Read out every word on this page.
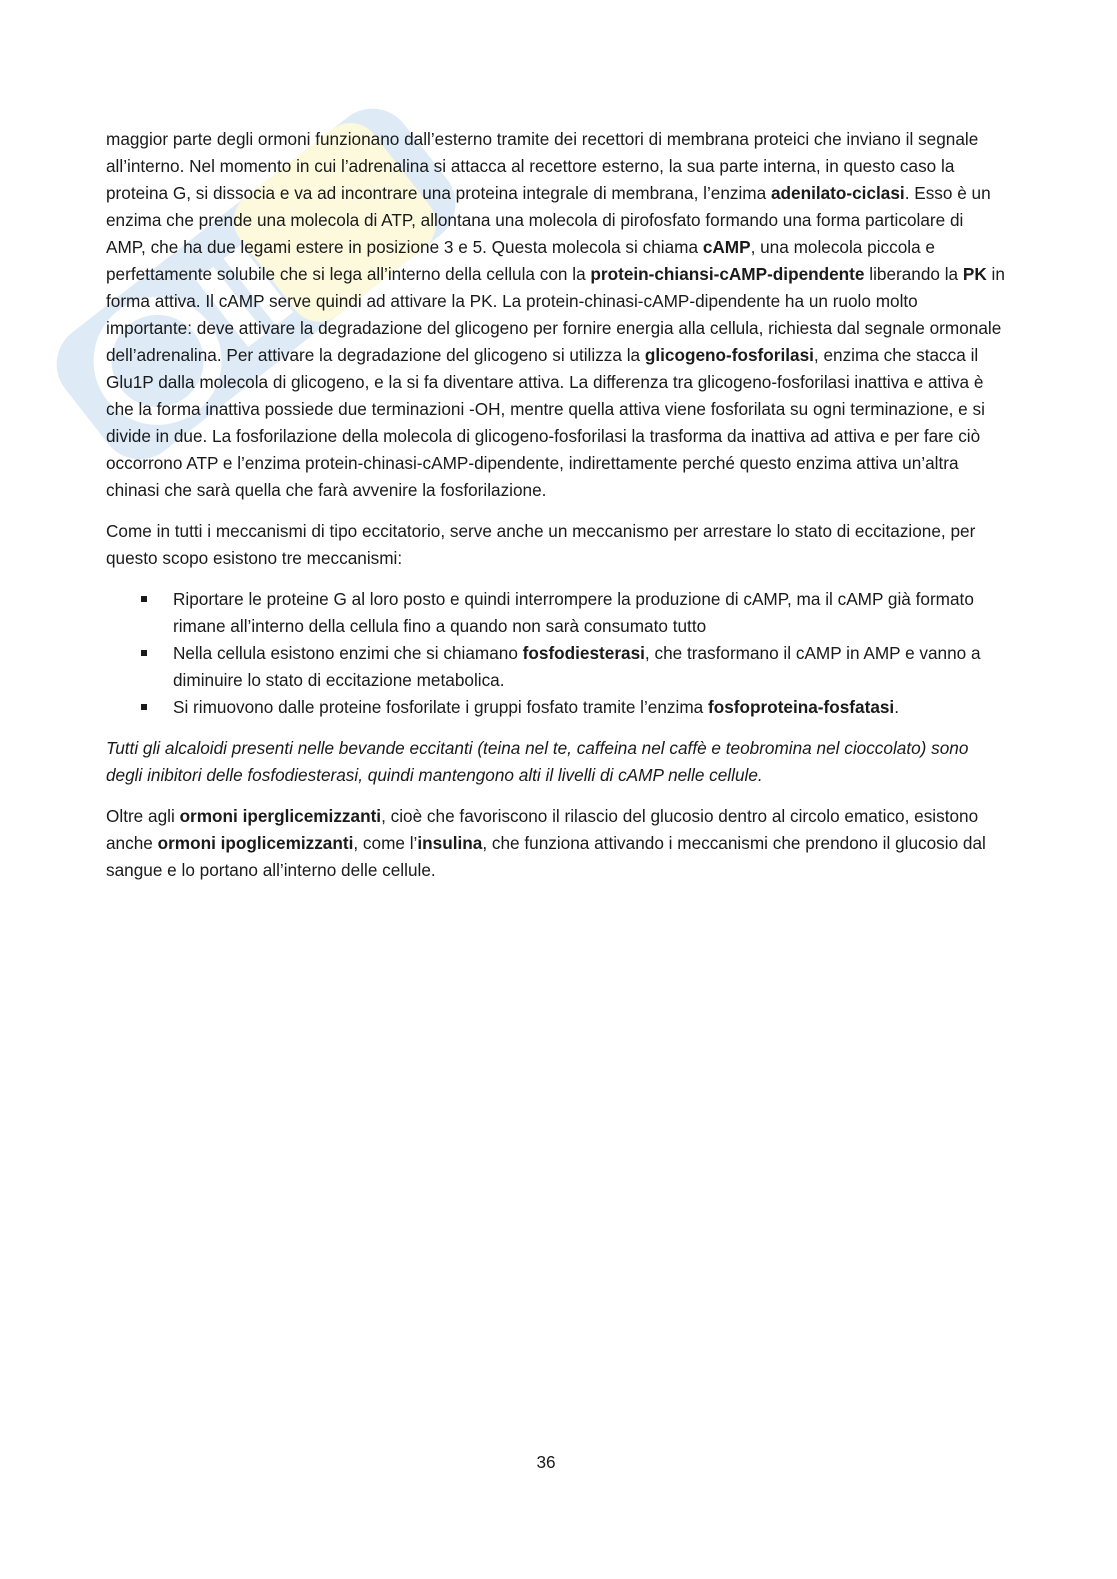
maggior parte degli ormoni funzionano dall’esterno tramite dei recettori di membrana proteici che inviano il segnale all’interno. Nel momento in cui l’adrenalina si attacca al recettore esterno, la sua parte interna, in questo caso la proteina G, si dissocia e va ad incontrare una proteina integrale di membrana, l’enzima adenilato-ciclasi. Esso è un enzima che prende una molecola di ATP, allontana una molecola di pirofosfato formando una forma particolare di AMP, che ha due legami estere in posizione 3 e 5. Questa molecola si chiama cAMP, una molecola piccola e perfettamente solubile che si lega all’interno della cellula con la protein-chiansi-cAMP-dipendente liberando la PK in forma attiva. Il cAMP serve quindi ad attivare la PK. La protein-chinasi-cAMP-dipendente ha un ruolo molto importante: deve attivare la degradazione del glicogeno per fornire energia alla cellula, richiesta dal segnale ormonale dell’adrenalina. Per attivare la degradazione del glicogeno si utilizza la glicogeno-fosforilasi, enzima che stacca il Glu1P dalla molecola di glicogeno, e la si fa diventare attiva. La differenza tra glicogeno-fosforilasi inattiva e attiva è che la forma inattiva possiede due terminazioni -OH, mentre quella attiva viene fosforilata su ogni terminazione, e si divide in due. La fosforilazione della molecola di glicogeno-fosforilasi la trasforma da inattiva ad attiva e per fare ciò occorrono ATP e l’enzima protein-chinasi-cAMP-dipendente, indirettamente perché questo enzima attiva un’altra chinasi che sarà quella che farà avvenire la fosforilazione.

Come in tutti i meccanismi di tipo eccitatorio, serve anche un meccanismo per arrestare lo stato di eccitazione, per questo scopo esistono tre meccanismi:

Riportare le proteine G al loro posto e quindi interrompere la produzione di cAMP, ma il cAMP già formato rimane all’interno della cellula fino a quando non sarà consumato tutto
Nella cellula esistono enzimi che si chiamano fosfodiesterasi, che trasformano il cAMP in AMP e vanno a diminuire lo stato di eccitazione metabolica.
Si rimuovono dalle proteine fosforilate i gruppi fosfato tramite l’enzima fosfoproteina-fosfatasi.

Tutti gli alcaloidi presenti nelle bevande eccitanti (teina nel te, caffeina nel caffè e teobromina nel cioccolato) sono degli inibitori delle fosfodiesterasi, quindi mantengono alti il livelli di cAMP nelle cellule.

Oltre agli ormoni iperglicemizzanti, cioè che favoriscono il rilascio del glucosio dentro al circolo ematico, esistono anche ormoni ipoglicemizzanti, come l’insulina, che funziona attivando i meccanismi che prendono il glucosio dal sangue e lo portano all’interno delle cellule.

36
